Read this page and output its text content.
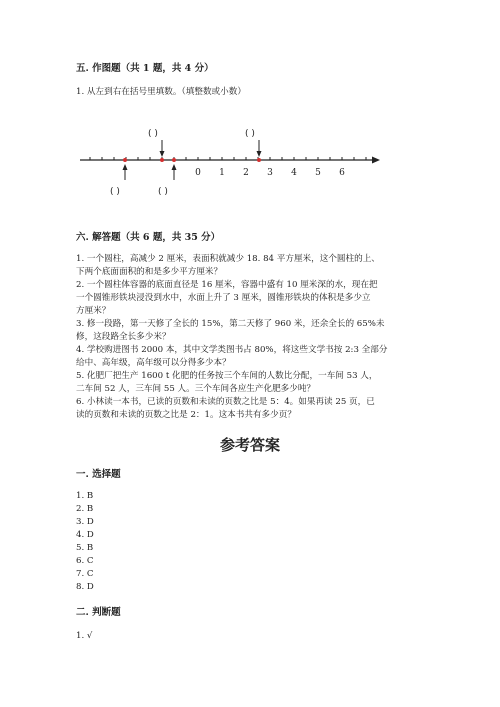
五. 作图题（共 1 题，共 4 分）
1. 从左到右在括号里填数。（填整数或小数）
( )	( )
( )	( )
0 1 2 3 4 5 6
六. 解答题（共 6 题，共 35 分）
1. 一个圆柱，高减少 2 厘米，表面积就减少 18. 84 平方厘米，这个圆柱的上、
下两个底面面积的和是多少平方厘米？
2. 一个圆柱体容器的底面直径是 16 厘米，容器中盛有 10 厘米深的水，现在把
一个圆锥形铁块浸没到水中，水面上升了 3 厘米，圆锥形铁块的体积是多少立
方厘米？
3. 修一段路，第一天修了全长的 15%，第二天修了 960 米，还余全长的 65%未
修，这段路全长多少米？
4. 学校购进图书 2000 本，其中文学类图书占 80%，将这些文学书按 2:3 全部分
给中、高年级，高年级可以分得多少本？
5. 化肥厂把生产 1600 t 化肥的任务按三个车间的人数比分配，一车间 53 人，
二车间 52 人，三车间 55 人。三个车间各应生产化肥多少吨？
6. 小林读一本书，已读的页数和未读的页数之比是 5：4。如果再读 25 页，已
读的页数和未读的页数之比是 2：1。这本书共有多少页？
参考答案
一. 选择题
1. B
2. B
3. D
4. D
5. B
6. C
7. C
8. D
二. 判断题
1. √
